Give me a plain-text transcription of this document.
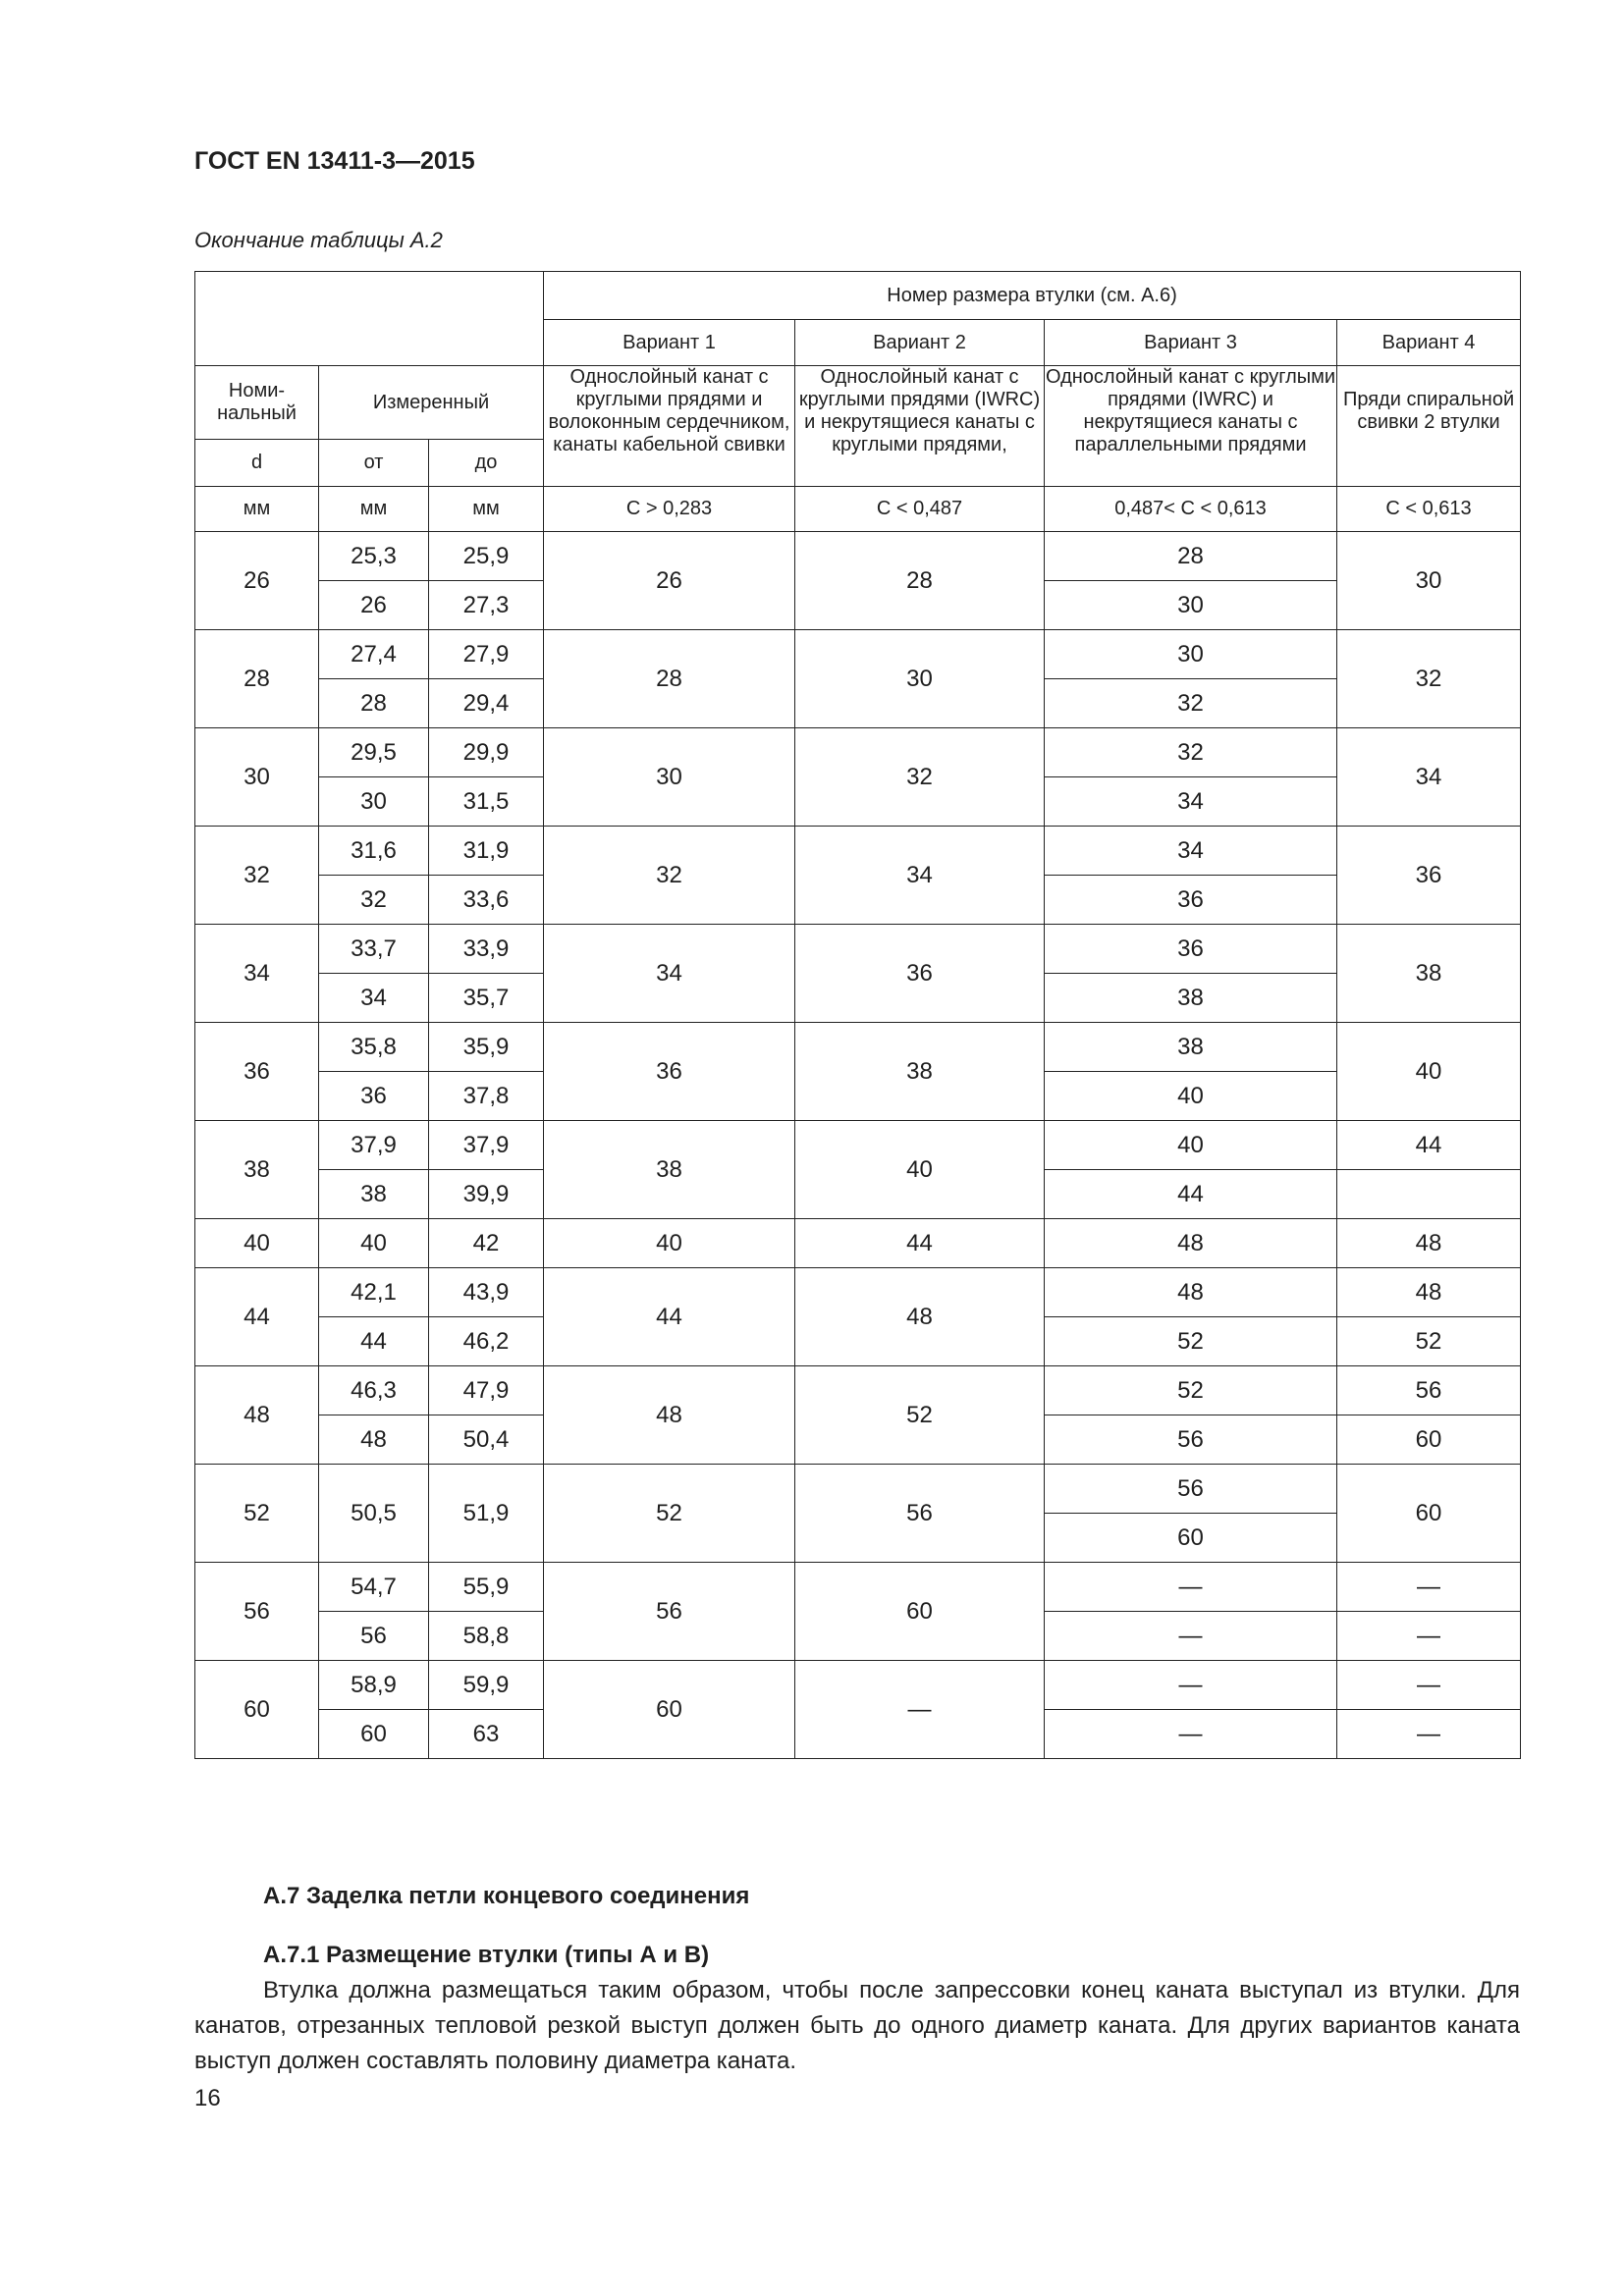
ГОСТ EN 13411-3—2015
Окончание таблицы А.2
			Номер размера втулки (см. А.6)			
			Вариант 1	Вариант 2	Вариант 3	Вариант 4

			Однослойный канат с круглыми прядями и волоконным сердечником, канаты кабельной свивки	Однослойный канат с круглыми прядями (IWRC) и некрутящиеся канаты с круглыми прядями,	Однослойный канат с круглыми прядями (IWRC) и некрутящиеся канаты с параллельными прядями	Пряди спиральной свивки 2 втулки

Номи-нальный	Измеренный					
d	от	до				
мм	мм	мм	C > 0,283	C < 0,487	0,487< C < 0,613	C < 0,613
26	25,3	25,9	26	28	28	30
	26	27,3			30	
28	27,4	27,9	28	30	30	32
	28	29,4			32	
30	29,5	29,9	30	32	32	34
	30	31,5			34	
32	31,6	31,9	32	34	34	36
	32	33,6			36	
34	33,7	33,9	34	36	36	38
	34	35,7			38	
36	35,8	35,9	36	38	38	40
	36	37,8			40	
38	37,9	37,9	38	40	40	44
	38	39,9			44	
40	40	42	40	44	48	48
44	42,1	43,9	44	48	48	48
	44	46,2			52	52
48	46,3	47,9	48	52	52	56
	48	50,4			56	60
52	50,5	51,9	52	56	56	60
					60	
56	54,7	55,9	56	60	—	—
	56	58,8			—	—
60	58,9	59,9	60	—	—	—
	60	63			—	—
А.7 Заделка петли концевого соединения
А.7.1 Размещение втулки (типы А и В)
Втулка должна размещаться таким образом, чтобы после запрессовки конец каната выступал из втулки. Для канатов, отрезанных тепловой резкой выступ должен быть до одного диаметр каната. Для других вариантов каната выступ должен составлять половину диаметра каната.
16
